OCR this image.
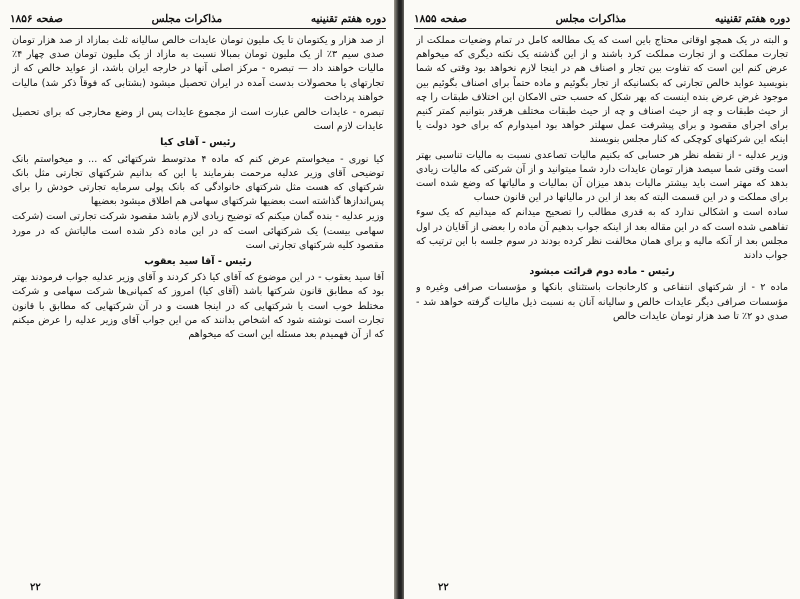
دوره هفتم تقنینیه
مذاکرات مجلس
صفحه ۱۸۵۶

از صد هزار و یکتومان تا یک ملیون تومان عایدات خالص سالیانه ثلث بمازاد از صد هزار تومان صدی سیم ۳٪ از یک ملیون تومان بمبالا نسبت به مازاد از یک ملیون تومان صدی چهار ۴٪ مالیات خواهند داد — تبصره - مرکز اصلی آنها در خارجه ایران باشد، از عواید خالص که از تجارتهای یا محصولات بدست آمده در ایران تحصیل میشود (بشتابی که فوقاً ذکر شد) مالیات خواهند پرداخت

تبصره - عایدات خالص عبارت است از مجموع عایدات پس از وضع مخارجی که برای تحصیل عایدات لازم است

رئیس - آقای کیا

کیا نوری - میخواستم عرض کنم که ماده ۴ مدتوسط شرکتهائی که ... و میخواستم بانک توضیحی آقای وزیر عدلیه مرحمت بفرمایند یا این که بدانیم شرکتهای تجارتی مثل بانک شرکتهای که هست مثل شرکتهای خانوادگی که بانک پولی سرمایه تجارتی خودش را برای پس‌اندازها گذاشته است بعضیها شرکتهای سهامی هم اطلاق میشود بعضیها

وزیر عدلیه - بنده گمان میکنم که توضیح زیادی لازم باشد مقصود شرکت تجارتی است (شرکت سهامی بیست) یک شرکتهائی است که در این ماده ذکر شده است مالیاتش که در مورد مقصود کلیه شرکتهای تجارتی است

رئیس - آقا سید یعقوب

آقا سید یعقوب - در این موضوع که آقای کیا ذکر کردند و آقای وزیر عدلیه جواب فرمودند بهتر بود که مطابق قانون شرکتها باشد (آقای کیا) امروز که کمپانی‌ها شرکت سهامی و شرکت مختلط خوب است یا شرکتهایی که در اینجا هست و در آن شرکتهایی که مطابق با قانون تجارت است نوشته شود که اشخاص بدانند که من این جواب آقای وزیر عدلیه را عرض میکنم که از آن فهمیدم بعد مسئله این است که میخواهم

۲۲
دوره هفتم تقنینیه
مذاکرات مجلس
صفحه ۱۸۵۵

و البته در یک همچو اوقاتی محتاج باین است که یک مطالعه کامل در تمام وضعیات مملکت از تجارت مملکت و از تجارت مملکت کرد باشند و از این گذشته یک نکته دیگری که میخواهم عرض کنم این است که تفاوت بین تجار و اصناف هم در اینجا لازم نخواهد بود وقتی که شما بنویسید عواید خالص تجارتی که بکسانیکه از تجار بگوئیم و ماده حتماً برای اصناف بگوئیم بین موجود غرض عرض بنده اینست که بهر شکل که حسب حتی الامکان این اختلاف طبقات را چه از حیث طبقات و چه از حیث اصناف و چه از حیث طبقات مختلف هرقدر بتوانیم کمتر کنیم برای اجرای مقصود و برای پیشرفت عمل سهلتر خواهد بود امیدوارم که برای خود دولت یا اینکه این شرکتهای کوچکی که کنار مجلس بنویسند

وزیر عدلیه - از نقطه نظر هر حسابی که بکنیم مالیات تصاعدی نسبت به مالیات تناسبی بهتر است وقتی شما سیصد هزار تومان عایدات دارد شما میتوانید و از آن شرکتی که مالیات زیادی بدهد که مهتر است باید بیشتر مالیات بدهد میزان آن بمالیات و مالیاتها که وضع شده است برای مملکت و در این قسمت البته که بعد از این در مالیاتها در این قانون حساب

ساده است و اشکالی ندارد که به قدری مطالب را تصحیح میدانم که میدانیم که یک سوء تفاهمی شده است که در این مقاله بعد از اینکه جواب بدهیم آن ماده را بعضی از آقایان در اول مجلس بعد از آنکه مالیه و برای همان مخالفت نظر کرده بودند در سوم جلسه با این ترتیب که جواب دادند

رئیس - ماده دوم قرائت میشود

ماده ۲ - از شرکتهای انتفاعی و کارخانجات باستثنای بانکها و مؤسسات صرافی وغیره و مؤسسات صرافی دیگر عایدات خالص و سالیانه آنان به نسبت ذیل مالیات گرفته خواهد شد - صدی دو ۲٪ تا صد هزار تومان عایدات خالص

۲۲
